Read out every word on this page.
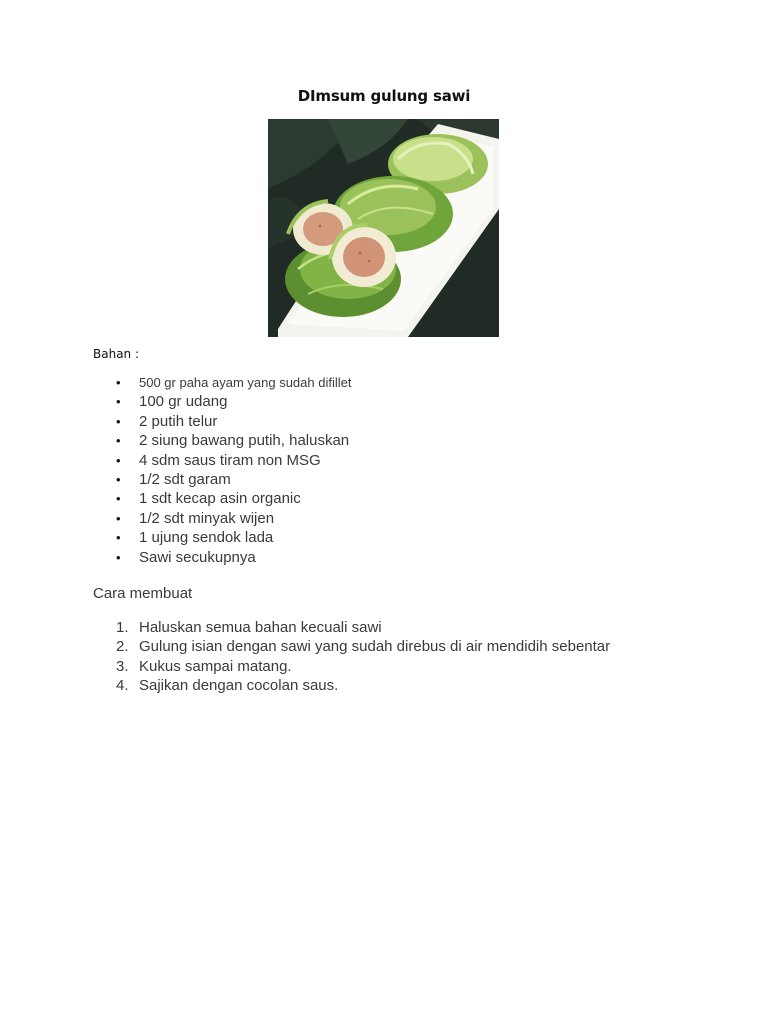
DImsum gulung sawi
Bahan :
• 500 gr paha ayam yang sudah difillet
• 100 gr udang
• 2 putih telur
• 2 siung bawang putih, haluskan
• 4 sdm saus tiram non MSG
• 1/2 sdt garam
• 1 sdt kecap asin organic
• 1/2 sdt minyak wijen
• 1 ujung sendok lada
• Sawi secukupnya
Cara membuat
1. Haluskan semua bahan kecuali sawi
2. Gulung isian dengan sawi yang sudah direbus di air mendidih sebentar
3. Kukus sampai matang.
4. Sajikan dengan cocolan saus.
